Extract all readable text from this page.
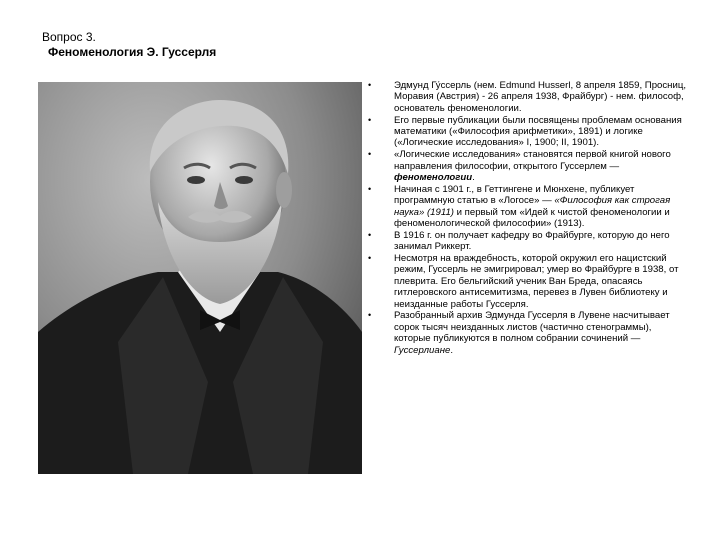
Вопрос 3.

Феноменология Э. Гуссерля

• Эдмунд Гу́ссерль (нем. Edmund Husserl, 8 апреля 1859, Просниц, Моравия (Австрия) - 26 апреля 1938, Фрайбург) - нем. философ, основатель феноменологии.
• Его первые публикации были посвящены проблемам основания математики («Философия арифметики», 1891) и логике («Логические исследования» I, 1900; II, 1901).
• «Логические исследования» становятся первой книгой нового направления философии, открытого Гуссерлем — феноменологии.
• Начиная с 1901 г., в Геттингене и Мюнхене, публикует программную статью в «Логосе» — «Философия как строгая наука» (1911) и первый том «Идей к чистой феноменологии и феноменологической философии» (1913).
• В 1916 г. он получает кафедру во Фрайбурге, которую до него занимал Риккерт.
• Несмотря на враждебность, которой окружил его нацистский режим, Гуссерль не эмигрировал; умер во Фрайбурге в 1938, от плеврита. Его бельгийский ученик Ван Бреда, опасаясь гитлеровского антисемитизма, перевез в Лувен библиотеку и неизданные работы Гуссерля.
• Разобранный архив Эдмунда Гуссерля в Лувене насчитывает сорок тысяч неизданных листов (частично стенограммы), которые публикуются в полном собрании сочинений — Гуссерлиане.
